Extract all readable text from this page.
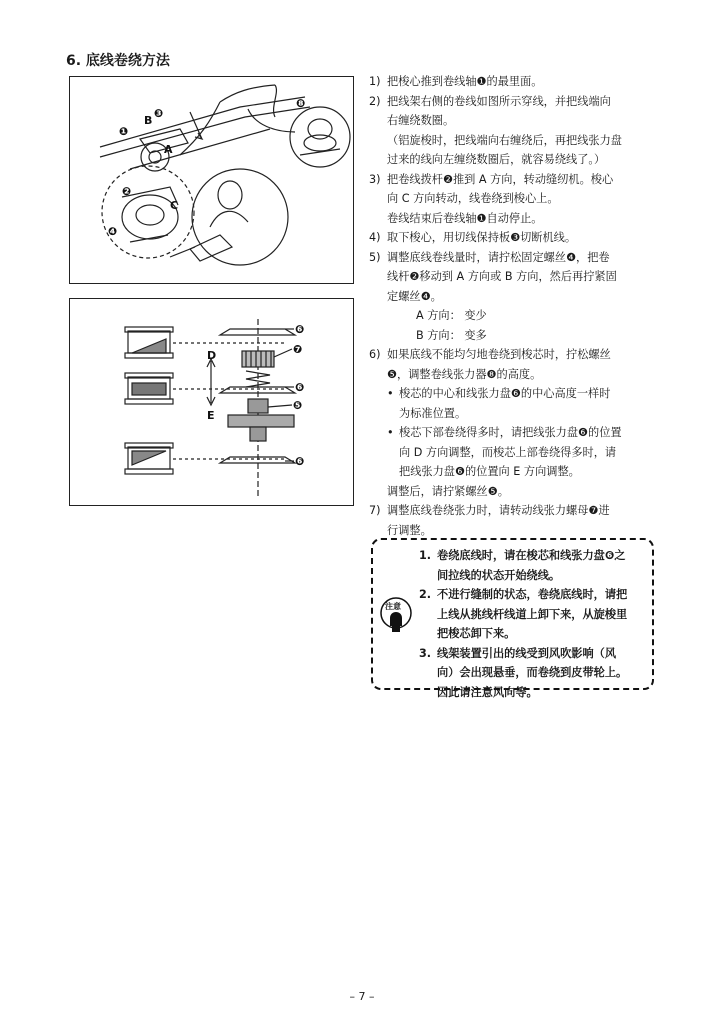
6. 底线卷绕方法
❶
B
❸
A
❷
C
❹
❽
❻
❼
D
❻
❺
E
❻
1) 把梭心推到卷线轴❶的最里面。
2) 把线架右侧的卷线如图所示穿线，并把线端向
右缠绕数圈。
（铝旋梭时，把线端向右缠绕后，再把线张力盘
过来的线向左缠绕数圈后，就容易绕线了。）
3) 把卷线拨杆❷推到 A 方向，转动缝纫机。梭心
向 C 方向转动，线卷绕到梭心上。
卷线结束后卷线轴❶自动停止。
4) 取下梭心，用切线保持板❸切断机线。
5) 调整底线卷线量时，请拧松固定螺丝❹，把卷
线杆❷移动到 A 方向或 B 方向，然后再拧紧固
定螺丝❹。
A 方向： 变少
B 方向： 变多
6) 如果底线不能均匀地卷绕到梭芯时，拧松螺丝
❺，调整卷线张力器❽的高度。
• 梭芯的中心和线张力盘❻的中心高度一样时
为标准位置。
• 梭芯下部卷绕得多时，请把线张力盘❻的位置
向 D 方向调整，而梭芯上部卷绕得多时，请
把线张力盘❻的位置向 E 方向调整。
调整后，请拧紧螺丝❺。
7) 调整底线卷绕张力时，请转动线张力螺母❼进
行调整。
注意
1. 卷绕底线时，请在梭芯和线张力盘❻之
间拉线的状态开始绕线。
2. 不进行缝制的状态，卷绕底线时，请把
上线从挑线杆线道上卸下来，从旋梭里
把梭芯卸下来。
3. 线架装置引出的线受到风吹影响（风
向）会出现悬垂，而卷绕到皮带轮上。
因此请注意风向等。
– 7 –
